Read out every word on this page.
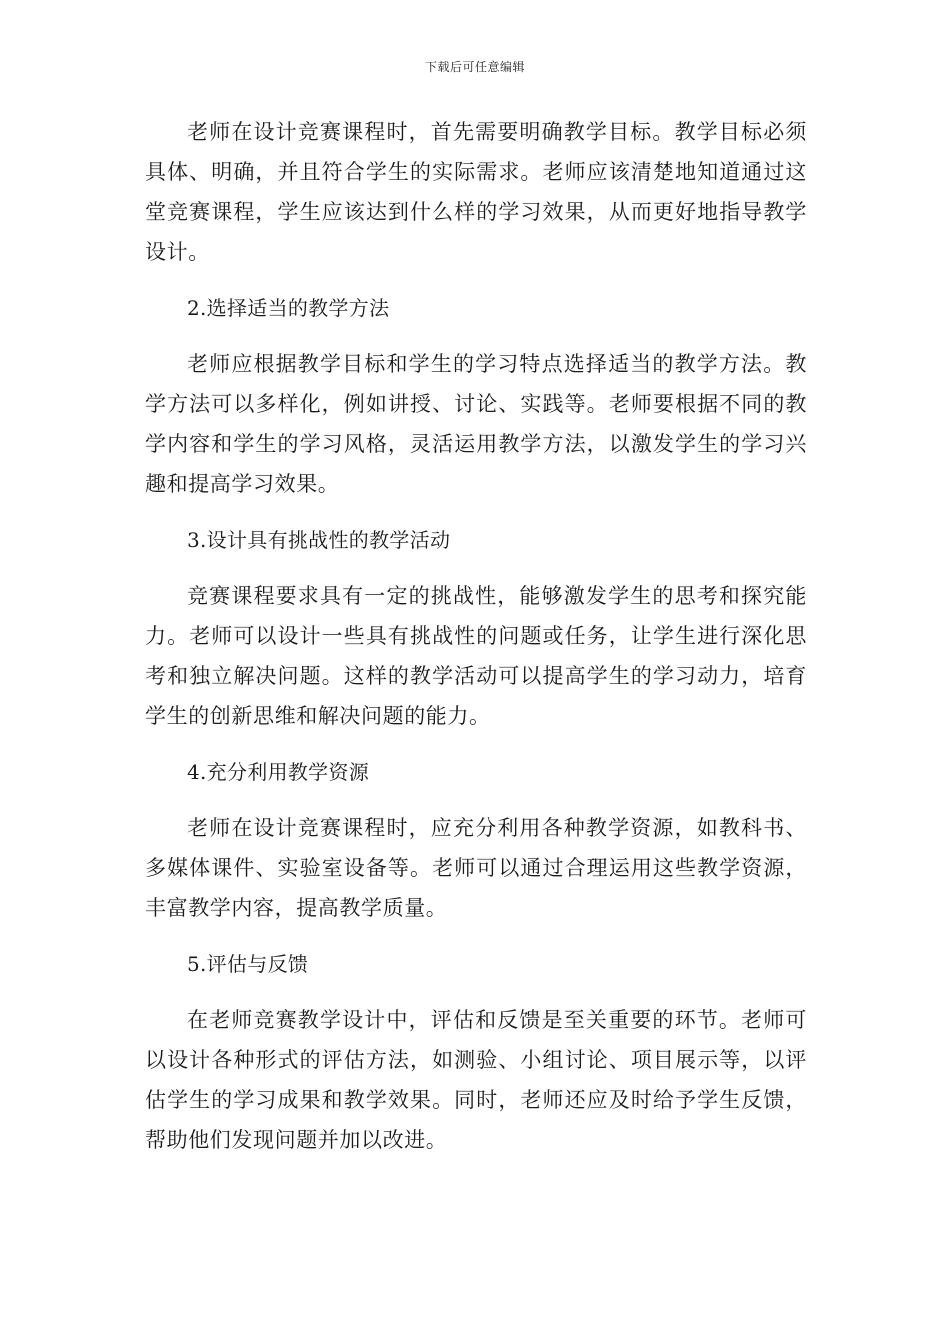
下载后可任意编辑

老师在设计竞赛课程时，首先需要明确教学目标。教学目标必须具体、明确，并且符合学生的实际需求。老师应该清楚地知道通过这堂竞赛课程，学生应该达到什么样的学习效果，从而更好地指导教学设计。

2.选择适当的教学方法

老师应根据教学目标和学生的学习特点选择适当的教学方法。教学方法可以多样化，例如讲授、讨论、实践等。老师要根据不同的教学内容和学生的学习风格，灵活运用教学方法，以激发学生的学习兴趣和提高学习效果。

3.设计具有挑战性的教学活动

竞赛课程要求具有一定的挑战性，能够激发学生的思考和探究能力。老师可以设计一些具有挑战性的问题或任务，让学生进行深化思考和独立解决问题。这样的教学活动可以提高学生的学习动力，培育学生的创新思维和解决问题的能力。

4.充分利用教学资源

老师在设计竞赛课程时，应充分利用各种教学资源，如教科书、多媒体课件、实验室设备等。老师可以通过合理运用这些教学资源，丰富教学内容，提高教学质量。

5.评估与反馈

在老师竞赛教学设计中，评估和反馈是至关重要的环节。老师可以设计各种形式的评估方法，如测验、小组讨论、项目展示等，以评估学生的学习成果和教学效果。同时，老师还应及时给予学生反馈，帮助他们发现问题并加以改进。
